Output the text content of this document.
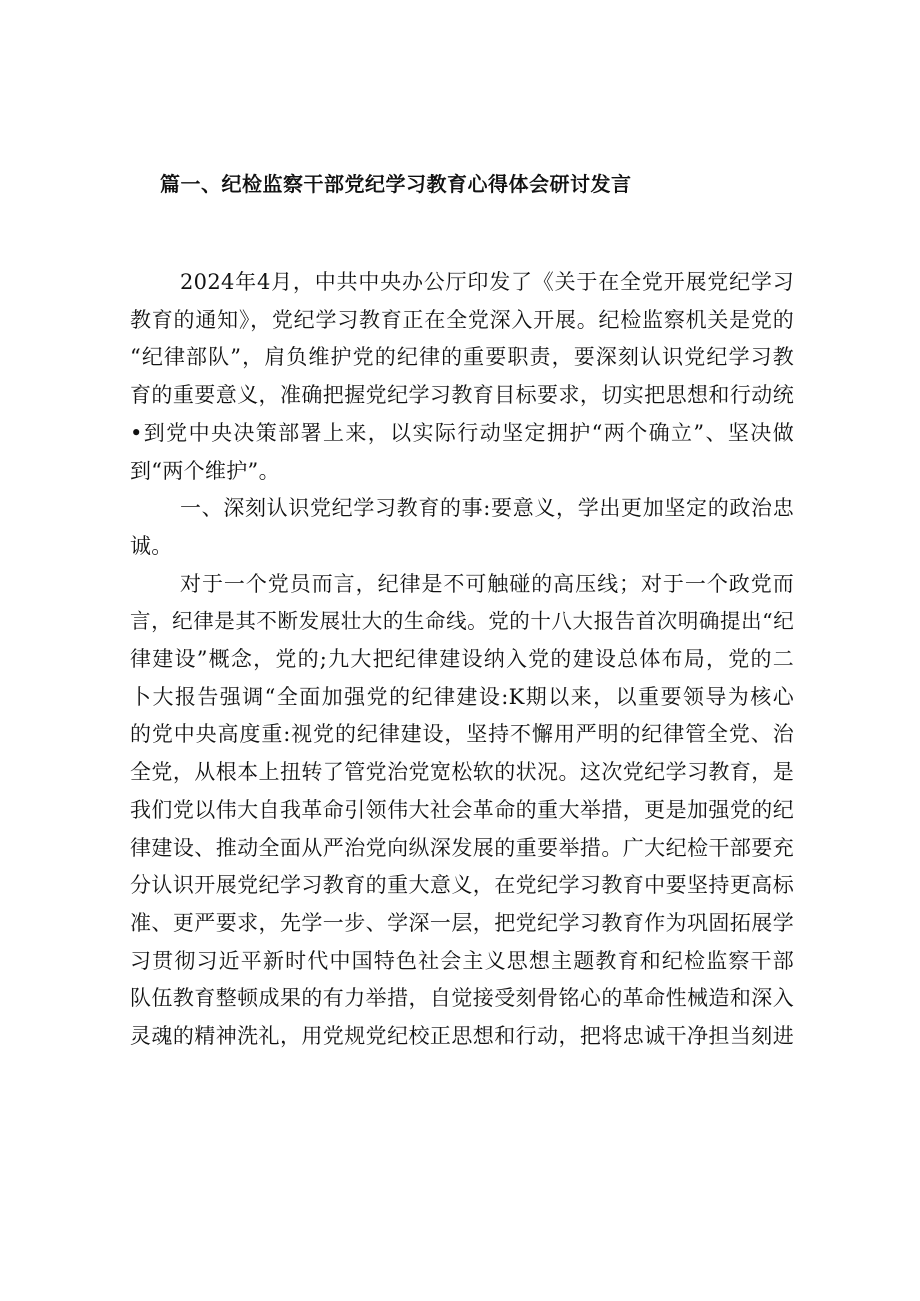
篇一、纪检监察干部党纪学习教育心得体会研讨发言

2024年4月，中共中央办公厅印发了《关于在全党开展党纪学习
教育的通知》，党纪学习教育正在全党深入开展。纪检监察机关是党的
“纪律部队”，肩负维护党的纪律的重要职责，要深刻认识党纪学习教
育的重要意义，准确把握党纪学习教育目标要求，切实把思想和行动统
•到党中央决策部署上来，以实际行动坚定拥护“两个确立”、坚决做
到“两个维护”。

一、深刻认识党纪学习教育的事:要意义，学出更加坚定的政治忠
诚。

对于一个党员而言，纪律是不可触碰的高压线；对于一个政党而
言，纪律是其不断发展壮大的生命线。党的十八大报告首次明确提出“纪
律建设”概念，党的;九大把纪律建设纳入党的建设总体布局，党的二
卜大报告强调“全面加强党的纪律建设:K期以来，以重要领导为核心
的党中央高度重:视党的纪律建设，坚持不懈用严明的纪律管全党、治
全党，从根本上扭转了管党治党宽松软的状况。这次党纪学习教育，是
我们党以伟大自我革命引领伟大社会革命的重大举措，更是加强党的纪
律建设、推动全面从严治党向纵深发展的重要举措。广大纪检干部要充
分认识开展党纪学习教育的重大意义，在党纪学习教育中要坚持更高标
准、更严要求，先学一步、学深一层，把党纪学习教育作为巩固拓展学
习贯彻习近平新时代中国特色社会主义思想主题教育和纪检监察干部
队伍教育整顿成果的有力举措，自觉接受刻骨铭心的革命性械造和深入
灵魂的精神洗礼，用党规党纪校正思想和行动，把将忠诚干净担当刻进
